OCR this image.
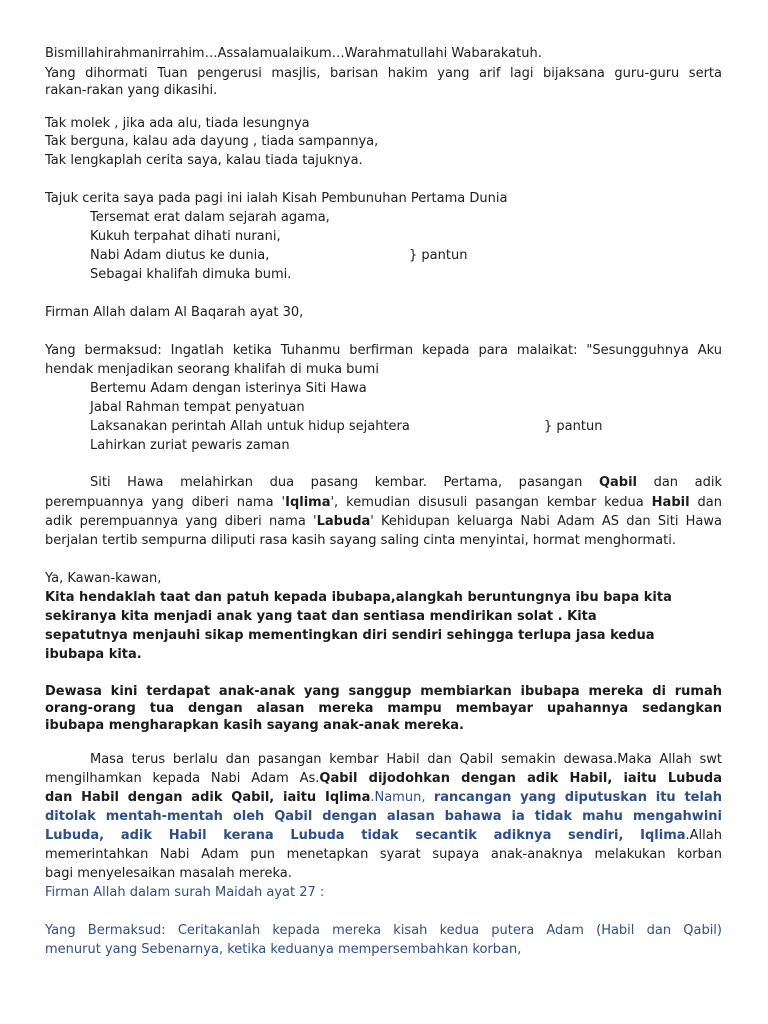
Bismillahirahmanirrahim…Assalamualaikum…Warahmatullahi Wabarakatuh.
Yang dihormati Tuan pengerusi masjlis, barisan hakim yang arif lagi bijaksana guru-guru serta
rakan-rakan yang dikasihi.
Tak molek , jika ada alu, tiada lesungnya
Tak berguna, kalau ada dayung , tiada sampannya,
Tak lengkaplah cerita saya, kalau tiada tajuknya.
Tajuk cerita saya pada pagi ini ialah Kisah Pembunuhan Pertama Dunia
Tersemat erat dalam sejarah agama,
Kukuh terpahat dihati nurani,
Nabi Adam diutus ke dunia,	} pantun
Sebagai khalifah dimuka bumi.
Firman Allah dalam Al Baqarah ayat 30,
Yang bermaksud: Ingatlah ketika Tuhanmu berfirman kepada para malaikat: "Sesungguhnya Aku
hendak menjadikan seorang khalifah di muka bumi
Bertemu Adam dengan isterinya Siti Hawa
Jabal Rahman tempat penyatuan
Laksanakan perintah Allah untuk hidup sejahtera	} pantun
Lahirkan zuriat pewaris zaman
Siti Hawa melahirkan dua pasang kembar. Pertama, pasangan Qabil dan adik
perempuannya yang diberi nama 'Iqlima', kemudian disusuli pasangan kembar kedua Habil dan
adik perempuannya yang diberi nama 'Labuda' Kehidupan keluarga Nabi Adam AS dan Siti Hawa
berjalan tertib sempurna diliputi rasa kasih sayang saling cinta menyintai, hormat menghormati.
Ya, Kawan-kawan,
Kita hendaklah taat dan patuh kepada ibubapa,alangkah beruntungnya ibu bapa kita
sekiranya kita menjadi anak yang taat dan sentiasa mendirikan solat . Kita
sepatutnya menjauhi sikap mementingkan diri sendiri sehingga terlupa jasa kedua
ibubapa kita.
Dewasa kini terdapat anak-anak yang sanggup membiarkan ibubapa mereka di rumah
orang-orang tua dengan alasan mereka mampu membayar upahannya sedangkan
ibubapa mengharapkan kasih sayang anak-anak mereka.
Masa terus berlalu dan pasangan kembar Habil dan Qabil semakin dewasa.Maka Allah swt
mengilhamkan kepada Nabi Adam As.Qabil dijodohkan dengan adik Habil, iaitu Lubuda
dan Habil dengan adik Qabil, iaitu Iqlima.Namun, rancangan yang diputuskan itu telah
ditolak mentah-mentah oleh Qabil dengan alasan bahawa ia tidak mahu mengahwini
Lubuda, adik Habil kerana Lubuda tidak secantik adiknya sendiri, Iqlima.Allah
memerintahkan Nabi Adam pun menetapkan syarat supaya anak-anaknya melakukan korban
bagi menyelesaikan masalah mereka.
Firman Allah dalam surah Maidah ayat 27 :
Yang Bermaksud: Ceritakanlah kepada mereka kisah kedua putera Adam (Habil dan Qabil)
menurut yang Sebenarnya, ketika keduanya mempersembahkan korban,
